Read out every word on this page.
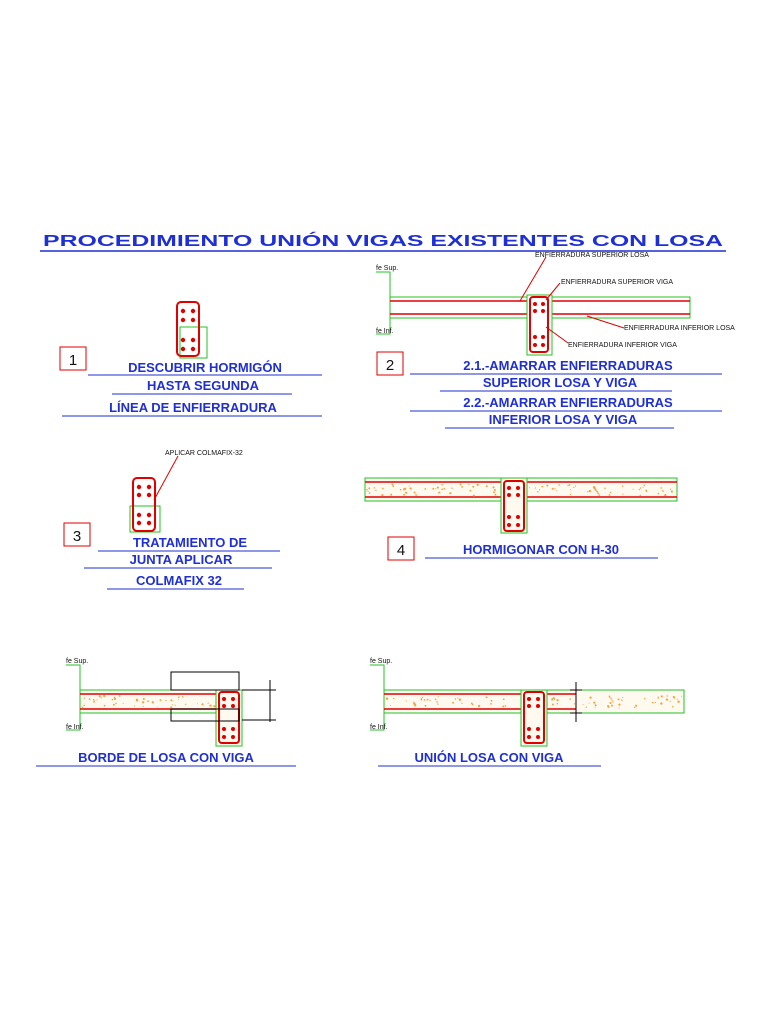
PROCEDIMIENTO UNIÓN VIGAS EXISTENTES CON LOSA
1	DESCUBRIR HORMIGÓN
HASTA SEGUNDA
LÍNEA DE ENFIERRADURA
fe Sup.
fe Inf.
ENFIERRADURA SUPERIOR LOSA
ENFIERRADURA SUPERIOR VIGA
ENFIERRADURA INFERIOR LOSA
ENFIERRADURA INFERIOR VIGA
2	2.1.-AMARRAR ENFIERRADURAS
SUPERIOR LOSA Y VIGA
2.2.-AMARRAR ENFIERRADURAS
INFERIOR LOSA Y VIGA
APLICAR COLMAFIX-32
3	TRATAMIENTO DE
JUNTA APLICAR
COLMAFIX 32
4	HORMIGONAR CON H-30
fe Sup.
fe Inf.
BORDE DE LOSA CON VIGA
fe Sup.
fe Inf.
UNIÓN LOSA CON VIGA
